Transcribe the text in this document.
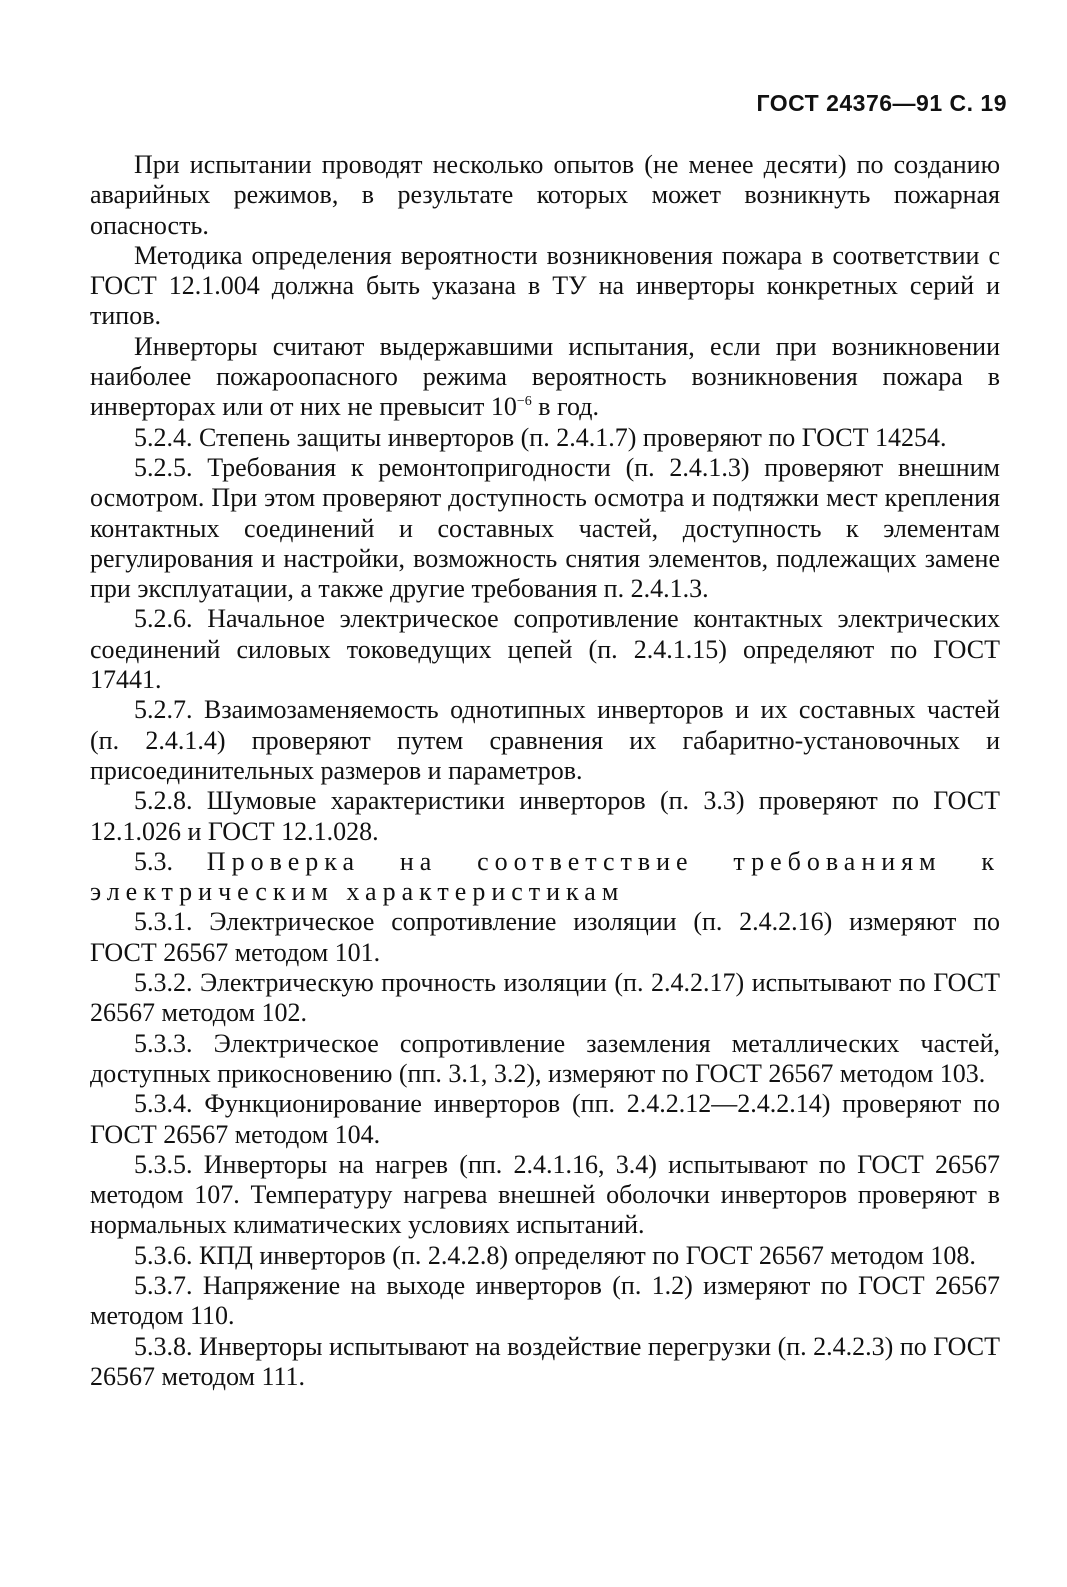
ГОСТ 24376—91 С. 19

При испытании проводят несколько опытов (не менее десяти) по созданию аварийных режимов, в результате которых может возникнуть пожарная опасность.

Методика определения вероятности возникновения пожара в соответствии с ГОСТ 12.1.004 должна быть указана в ТУ на инверторы конкретных серий и типов.

Инверторы считают выдержавшими испытания, если при возникновении наиболее пожароопасного режима вероятность возникновения пожара в инверторах или от них не превысит $10^{-6}$ в год.

5.2.4. Степень защиты инверторов (п. 2.4.1.7) проверяют по ГОСТ 14254.

5.2.5. Требования к ремонтопригодности (п. 2.4.1.3) проверяют внешним осмотром. При этом проверяют доступность осмотра и подтяжки мест крепления контактных соединений и составных частей, доступность к элементам регулирования и настройки, возможность снятия элементов, подлежащих замене при эксплуатации, а также другие требования п. 2.4.1.3.

5.2.6. Начальное электрическое сопротивление контактных электрических соединений силовых токоведущих цепей (п. 2.4.1.15) определяют по ГОСТ 17441.

5.2.7. Взаимозаменяемость однотипных инверторов и их составных частей (п. 2.4.1.4) проверяют путем сравнения их габаритно-установочных и присоединительных размеров и параметров.

5.2.8. Шумовые характеристики инверторов (п. 3.3) проверяют по ГОСТ 12.1.026 и ГОСТ 12.1.028.

5.3. Проверка на соответствие требованиям к электрическим характеристикам

5.3.1. Электрическое сопротивление изоляции (п. 2.4.2.16) измеряют по ГОСТ 26567 методом 101.

5.3.2. Электрическую прочность изоляции (п. 2.4.2.17) испытывают по ГОСТ 26567 методом 102.

5.3.3. Электрическое сопротивление заземления металлических частей, доступных прикосновению (пп. 3.1, 3.2), измеряют по ГОСТ 26567 методом 103.

5.3.4. Функционирование инверторов (пп. 2.4.2.12—2.4.2.14) проверяют по ГОСТ 26567 методом 104.

5.3.5. Инверторы на нагрев (пп. 2.4.1.16, 3.4) испытывают по ГОСТ 26567 методом 107. Температуру нагрева внешней оболочки инверторов проверяют в нормальных климатических условиях испытаний.

5.3.6. КПД инверторов (п. 2.4.2.8) определяют по ГОСТ 26567 методом 108.

5.3.7. Напряжение на выходе инверторов (п. 1.2) измеряют по ГОСТ 26567 методом 110.

5.3.8. Инверторы испытывают на воздействие перегрузки (п. 2.4.2.3) по ГОСТ 26567 методом 111.
